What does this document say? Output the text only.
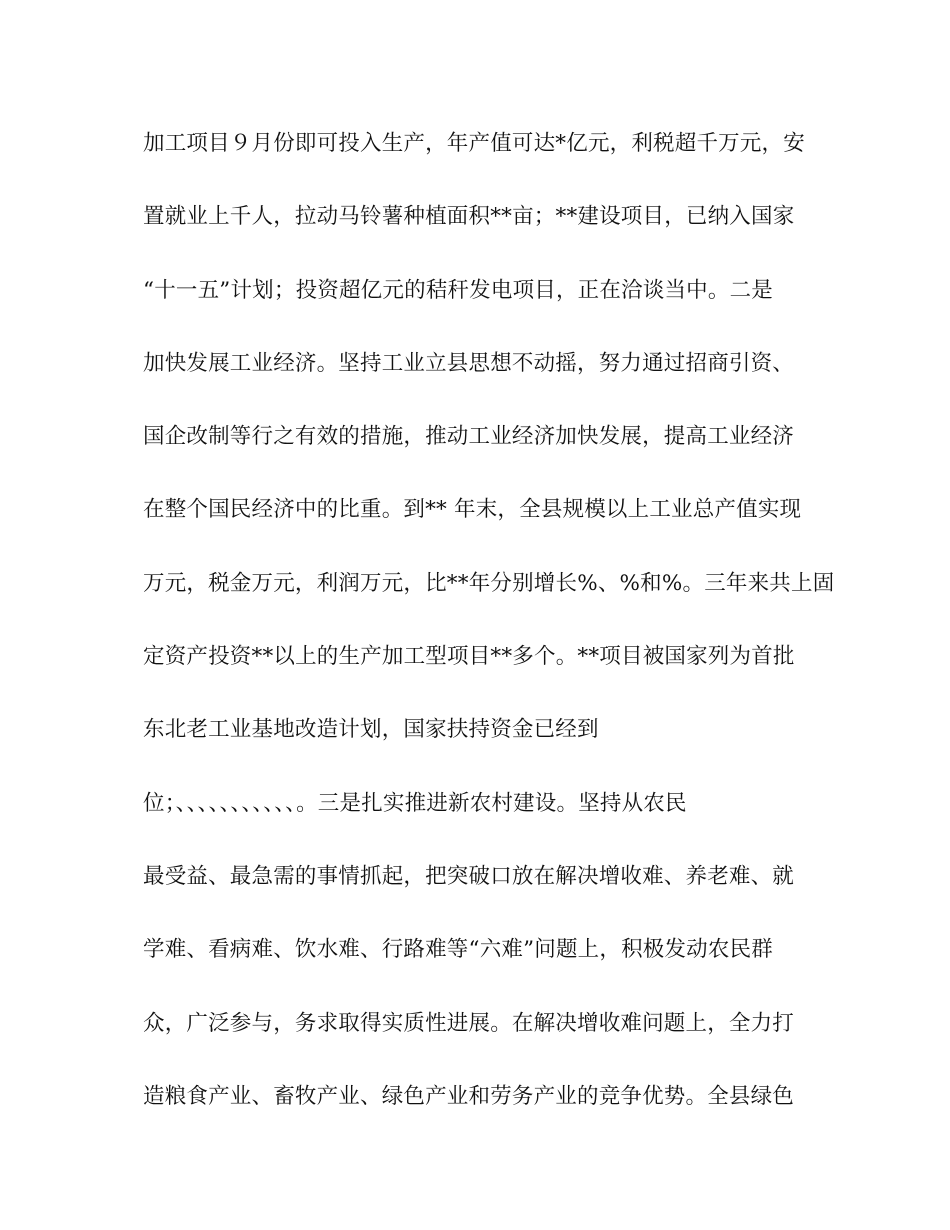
加工项目９月份即可投入生产，年产值可达*亿元，利税超千万元，安
置就业上千人，拉动马铃薯种植面积**亩；**建设项目，已纳入国家
“十一五”计划；投资超亿元的秸秆发电项目，正在洽谈当中。二是
加快发展工业经济。坚持工业立县思想不动摇，努力通过招商引资、
国企改制等行之有效的措施，推动工业经济加快发展，提高工业经济
在整个国民经济中的比重。到** 年末，全县规模以上工业总产值实现
万元，税金万元，利润万元，比**年分别增长%、%和%。三年来共上固
定资产投资**以上的生产加工型项目**多个。**项目被国家列为首批
东北老工业基地改造计划，国家扶持资金已经到
位；、、、、、、、、、、、。三是扎实推进新农村建设。坚持从农民
最受益、最急需的事情抓起，把突破口放在解决增收难、养老难、就
学难、看病难、饮水难、行路难等“六难”问题上，积极发动农民群
众，广泛参与，务求取得实质性进展。在解决增收难问题上，全力打
造粮食产业、畜牧产业、绿色产业和劳务产业的竞争优势。全县绿色
